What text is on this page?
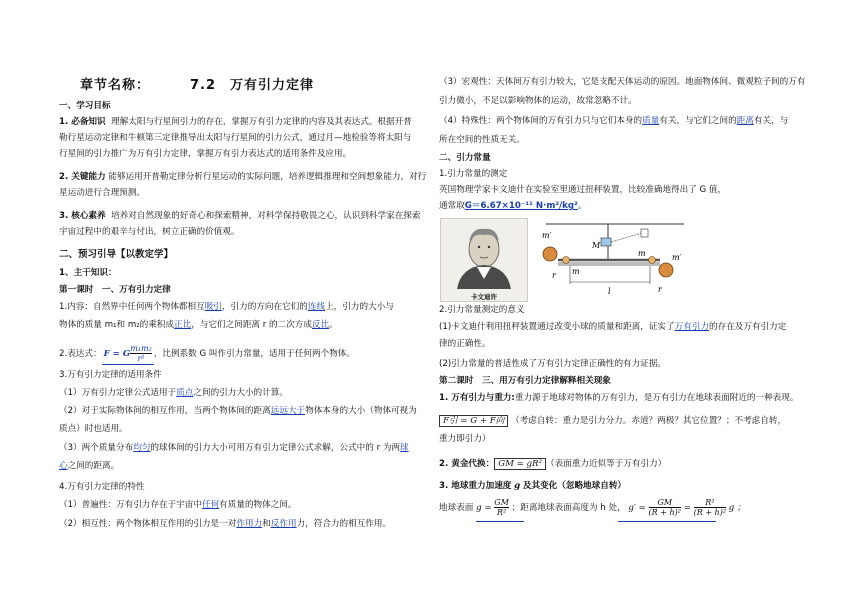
章节名称：	7.2　万有引力定律
一、学习目标
1. 必备知识 理解太阳与行星间引力的存在，掌握万有引力定律的内容及其表达式。根据开普
勒行星运动定律和牛顿第三定律推导出太阳与行星间的引力公式，通过月—地检验等将太阳与
行星间的引力推广为万有引力定律，掌握万有引力表达式的适用条件及应用。
2. 关键能力 能够运用开普勒定律分析行星运动的实际问题，培养逻辑推理和空间想象能力，对行
星运动进行合理预测。
3. 核心素养 培养对自然现象的好奇心和探索精神，对科学保持敬畏之心，认识到科学家在探索
宇宙过程中的艰辛与付出，树立正确的价值观。
二、预习引导【以教定学】
1、主干知识：
第一课时　一、万有引力定律
1.内容：自然界中任何两个物体都相互吸引，引力的方向在它们的连线上，引力的大小与
物体的质量 m₁和 m₂的乘积成正比，与它们之间距离 r 的二次方成反比。
2.表达式： F = G $\frac{\text{m₁m₂}}{\text{r²}}$ ，比例系数 G 叫作引力常量，适用于任何两个物体。
3.万有引力定律的适用条件
（1）万有引力定律公式适用于质点之间的引力大小的计算。
（2）对于实际物体间的相互作用，当两个物体间的距离远远大于物体本身的大小（物体可视为
质点）时也适用。
（3）两个质量分布均匀的球体间的引力大小可用万有引力定律公式求解，公式中的 r 为两球
心之间的距离。
4.万有引力定律的特性
（1）普遍性：万有引力存在于宇宙中任何有质量的物体之间。
（2）相互性：两个物体相互作用的引力是一对作用力和反作用力，符合力的相互作用。
（3）宏观性：天体间万有引力较大，它是支配天体运动的原因。地面物体间、微观粒子间的万有
引力微小，不足以影响物体的运动，故常忽略不计。
（4）特殊性：两个物体间的万有引力只与它们本身的质量有关，与它们之间的距离有关，与
所在空间的性质无关。
二、引力常量
1.引力常量的测定
英国物理学家卡文迪什在实验室里通过扭秤装置，比较准确地得出了 G 值，
通常取G＝6.67×10⁻¹¹ N·m²/kg²。
卡文迪许
m′
m′
M
m
m
r
r
l
2.引力常量测定的意义
(1)卡文迪什利用扭秤装置通过改变小球的质量和距离，证实了万有引力的存在及万有引力定
律的正确性。
(2)引力常量的普适性成了万有引力定律正确性的有力证据。
第二课时　三、用万有引力定律解释相关现象
1. 万有引力与重力:重力源于地球对物体的万有引力，是万有引力在地球表面附近的一种表现。
F引 = G + F向 （考虑自转：重力是引力分力。赤道？两极？其它位置？；不考虑自转，
重力即引力）
2. 黄金代换： GM = gR² （表面重力近似等于万有引力）
3. 地球重力加速度 g 及其变化（忽略地球自转）
地球表面 $g = \frac{GM}{\text{R²}}$ ；距离地球表面高度为 h 处， $g' = \frac{GM}{\text{(R + h)²}} = \frac{\text{R²}}{\text{(R + h)²}}$ g ；
